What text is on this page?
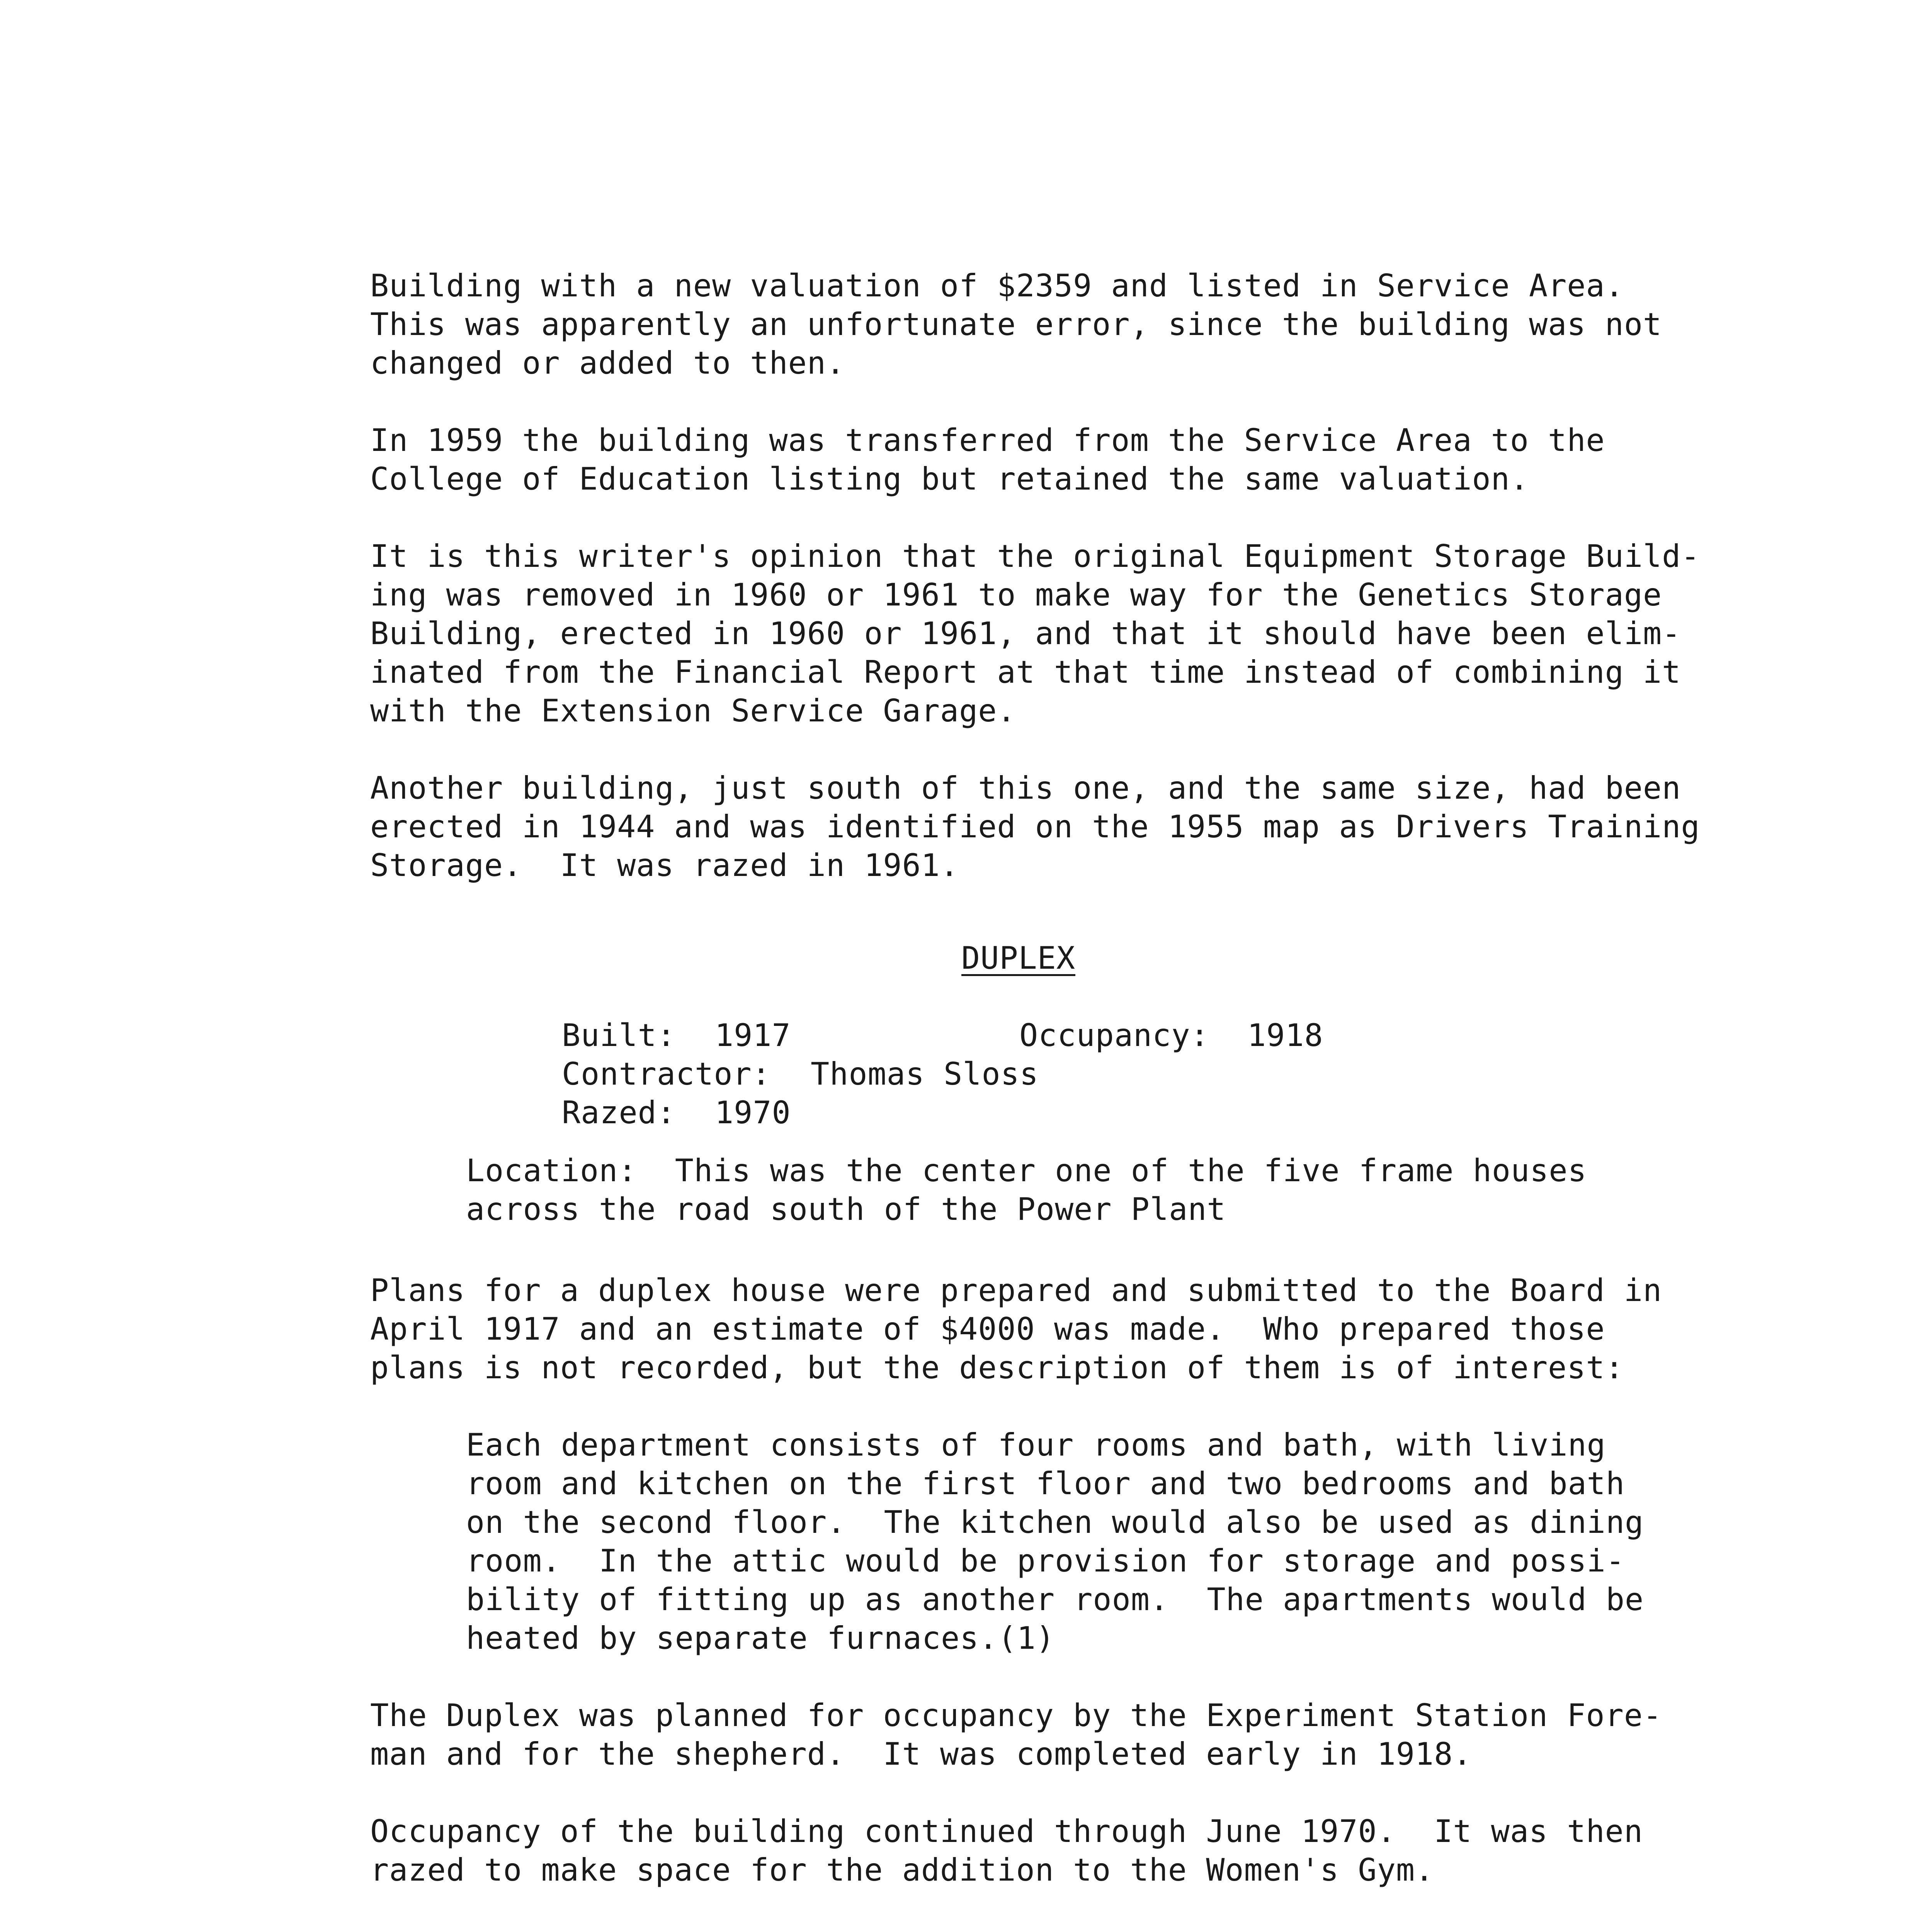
Building with a new valuation of $2359 and listed in Service Area.
This was apparently an unfortunate error, since the building was not
changed or added to then.
In 1959 the building was transferred from the Service Area to the
College of Education listing but retained the same valuation.
It is this writer's opinion that the original Equipment Storage Build-
ing was removed in 1960 or 1961 to make way for the Genetics Storage
Building, erected in 1960 or 1961, and that it should have been elim-
inated from the Financial Report at that time instead of combining it
with the Extension Service Garage.
Another building, just south of this one, and the same size, had been
erected in 1944 and was identified on the 1955 map as Drivers Training
Storage.  It was razed in 1961.
DUPLEX
Built: 1917	Occupancy: 1918
Contractor: Thomas Sloss
Razed: 1970
Location:  This was the center one of the five frame houses
across the road south of the Power Plant
Plans for a duplex house were prepared and submitted to the Board in
April 1917 and an estimate of $4000 was made.  Who prepared those
plans is not recorded, but the description of them is of interest:
Each department consists of four rooms and bath, with living
room and kitchen on the first floor and two bedrooms and bath
on the second floor.  The kitchen would also be used as dining
room.  In the attic would be provision for storage and possi-
bility of fitting up as another room.  The apartments would be
heated by separate furnaces.(1)
The Duplex was planned for occupancy by the Experiment Station Fore-
man and for the shepherd.  It was completed early in 1918.
Occupancy of the building continued through June 1970.  It was then
razed to make space for the addition to the Women's Gym.
